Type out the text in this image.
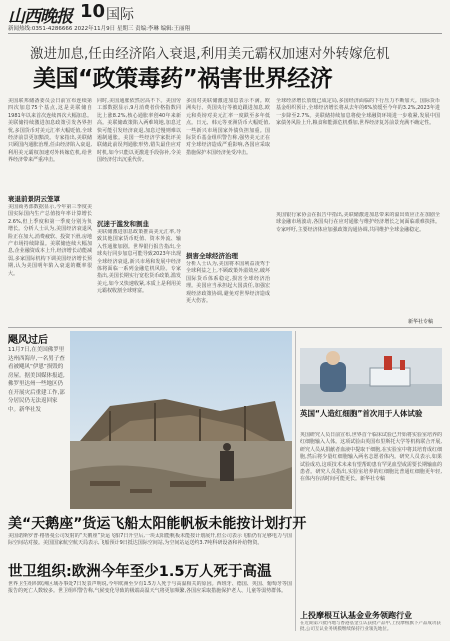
山西晚报 10 国际
新闻热线:0351-4286666 2022年11月9日 星期三 责编:李琳 编辑:王丽翔
激进加息,任由经济陷入衰退,利用美元霸权加速对外转嫁危机
美国“政策毒药”祸害世界经济
美国联邦储备委员会日前宣布连续第四次加息75个基点,这是美联储自1981年以来首次连续四次大幅加息。美联储持续激进加息政策引发各界担忧,多国货币对美元汇率大幅贬值,全球经济前景更加黯淡。专家指出,美联储只顾国内通胀治理,任由经济陷入衰退,利用美元霸权加速对外转嫁危机,给世界经济带来严重冲击。
衰退前景阴云笼罩
美国商务部数据显示,今年第三季度美国实际国内生产总值按年率计算增长2.6%,但上季度和第一季度分别为负增长。分析人士认为,美国经济衰退风险正在加大,消费疲软、投资下滑,房地产市场持续降温。美联储连续大幅加息,企业融资成本上升,经济增长动能减弱,多家国际机构下调美国经济增长预期,认为美国明年陷入衰退的概率很大。
同时,美国通胀依然居高不下。美国劳工部数据显示,9月消费者价格指数同比上涨8.2%,核心通胀率创40年来新高。美联储政策陷入两难境地,加息过快可能引发经济衰退,加息过慢则难以遏制通胀。美国一些经济学家批评美联储此前误判通胀形势,错失最佳应对时机,如今只能以更激进手段弥补,令美国经济付出沉重代价。
沉迷于滥发和割韭
美联储激进加息政策推高美元汇率,导致其他国家货币贬值、资本外流、输入性通胀加剧。世界银行报告指出,全球央行同步加息可能导致2023年出现全球经济衰退,新兴市场和发展中经济体将面临一系列金融危机风险。专家指出,美国长期实行宽松货币政策,滥发美元,如今又快速收紧,本质上是利用美元霸权收割全球财富。
多国对美联储激进加息表示不满。欧洲央行、英国央行等被迫跟进加息,欧元和英镑对美元汇率一度跌至多年低点。日元、韩元等亚洲货币大幅贬值,一些新兴市场国家外债负担加重。国际货币基金组织警告称,强势美元正在对全球经济造成严重影响,各国应采取措施保护本国经济免受冲击。
损害全球经济治理
分析人士认为,美国将本国利益凌驾于全球利益之上,不顾政策外溢效应,破坏国际货币体系稳定,损害全球经济治理。美国应当承担起大国责任,加强宏观经济政策协调,避免对世界经济造成更大伤害。
全球经济增长放缓已成定局,多国经济面临的下行压力不断加大。国际货币基金组织预计,全球经济增长将从去年的6%放缓至今年的3.2%,2023年进一步降至2.7%。美联储持续加息将使全球融资环境进一步收紧,发展中国家债务风险上升,粮食和能源危机叠加,世界经济复苏前景充满不确定性。
英国银行家协会在报告中指出,美联储激进加息带来的溢出效应正在加剧全球金融市场波动,各国央行在应对通胀与维护经济增长之间面临艰难抉择。专家呼吁,主要经济体应加强政策沟通协调,共同维护全球金融稳定。
新华社专稿
飓风过后
11月7日,在美国佛罗里达州西海岸,一名男子查看被飓风“伊恩”损毁的房屋。据美国媒体报道,佛罗里达州一些地区仍在开展灾后重建工作,部分居民仍无法返回家中。新华社发	英国“人造红细胞”首次用于人体试验
英国研究人员日前宣布,世界首个临床试验已开始将实验室培养的红细胞输入人体。这项试验由英国布里斯托大学等机构联合开展,研究人员从捐献者血液中提取干细胞,在实验室中将其培育成红细胞,然后将少量红细胞输入两名志愿者体内。研究人员表示,如果试验成功,这项技术未来有望帮助患有罕见血型或需要长期输血的患者。研究人员指出,实验室培养的红细胞比普通红细胞更年轻,在体内存活时间可能更长。新华社专稿
美“天鹅座”货运飞船太阳能帆板未能按计划打开
美国诺斯罗普·格鲁曼公司发射的“天鹅座”货运飞船7日升空后,一块太阳能帆板未能按计划展开,但公司表示飞船仍有足够电力与国际空间站对接。美国国家航空航天局表示,飞船预计9日抵达国际空间站,为空间站运送约3.7吨科研设备和补给物资。
世卫组织:欧洲今年至少1.5万人死于高温
世界卫生组织欧洲区域办事处7日发表声明说,今年欧洲至少有1.5万人死于与高温相关的原因。西班牙、德国、英国、葡萄牙等国报告的死亡人数较多。世卫组织警告称,气候变化导致的极端高温天气将更加频繁,各国应采取措施保护老人、儿童等弱势群体。
上投摩根互认基金业务领跑行业
在近期第六批内地与香港基金互认获批产品中,上投摩根旗下产品成功获批,公司互认业务规模继续保持行业领先地位。
